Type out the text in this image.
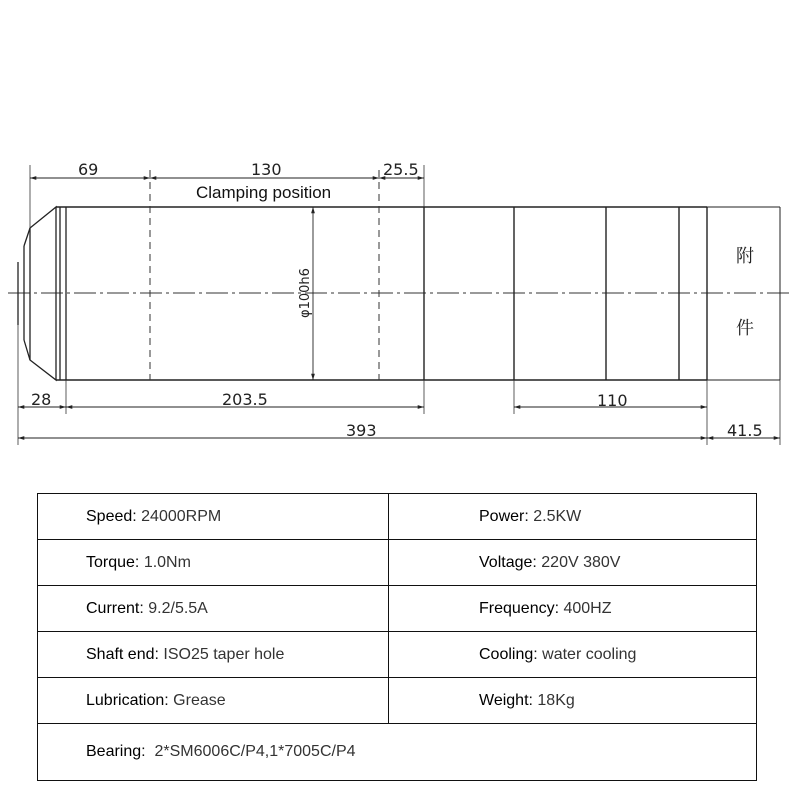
附
件
69	130	25.5
Clamping position
φ100h6
28	203.5	110
393	41.5
Speed: 24000RPM	Power: 2.5KW
Torque: 1.0Nm	Voltage: 220V 380V
Current: 9.2/5.5A	Frequency: 400HZ
Shaft end: ISO25 taper hole	Cooling: water cooling
Lubrication: Grease	Weight: 18Kg
Bearing:  2*SM6006C/P4,1*7005C/P4	
